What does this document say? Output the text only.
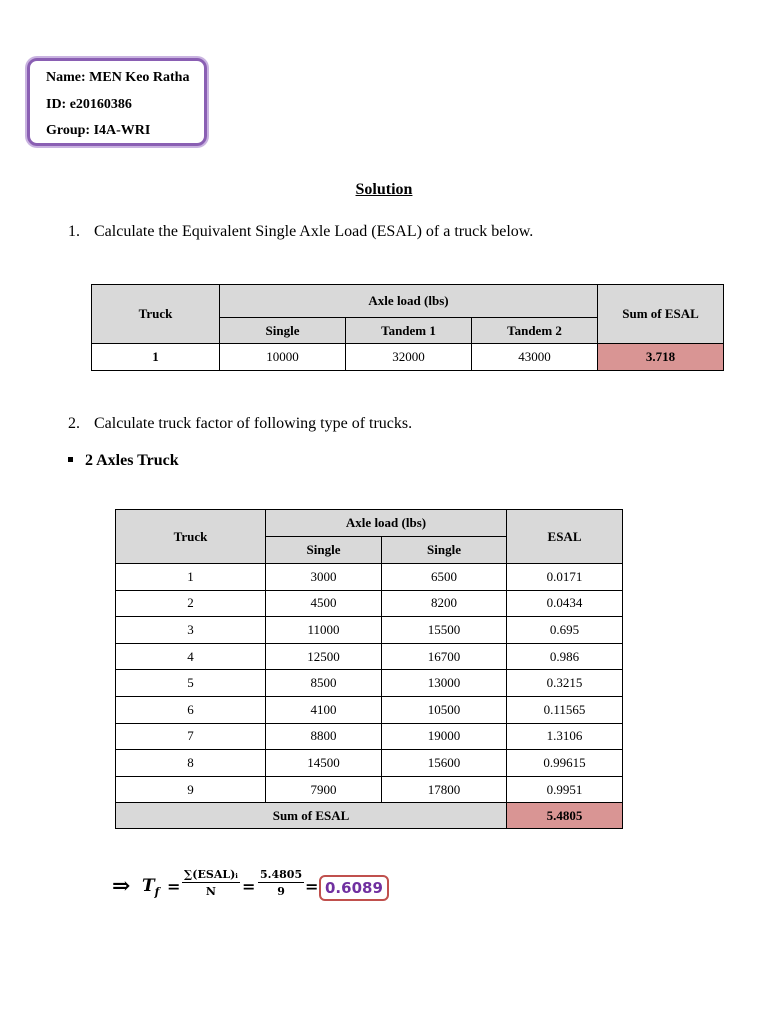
Name: MEN Keo Ratha
ID: e20160386
Group: I4A-WRI
Solution
1. Calculate the Equivalent Single Axle Load (ESAL) of a truck below.
Truck	Axle load (lbs)			Sum of ESAL
	Single	Tandem 1	Tandem 2	
1	10000	32000	43000	3.718
2. Calculate truck factor of following type of trucks.
2 Axles Truck
Truck	Axle load (lbs)		ESAL
	Single	Single	
1	3000	6500	0.0171
2	4500	8200	0.0434
3	11000	15500	0.695
4	12500	16700	0.986
5	8500	13000	0.3215
6	4100	10500	0.11565
7	8800	19000	1.3106
8	14500	15600	0.99615
9	7900	17800	0.9951
Sum of ESAL			5.4805
⇒ $T_f$ =
∑(ESAL)ᵢ
$N = \frac{5.4805}{9} = 0.6089$
